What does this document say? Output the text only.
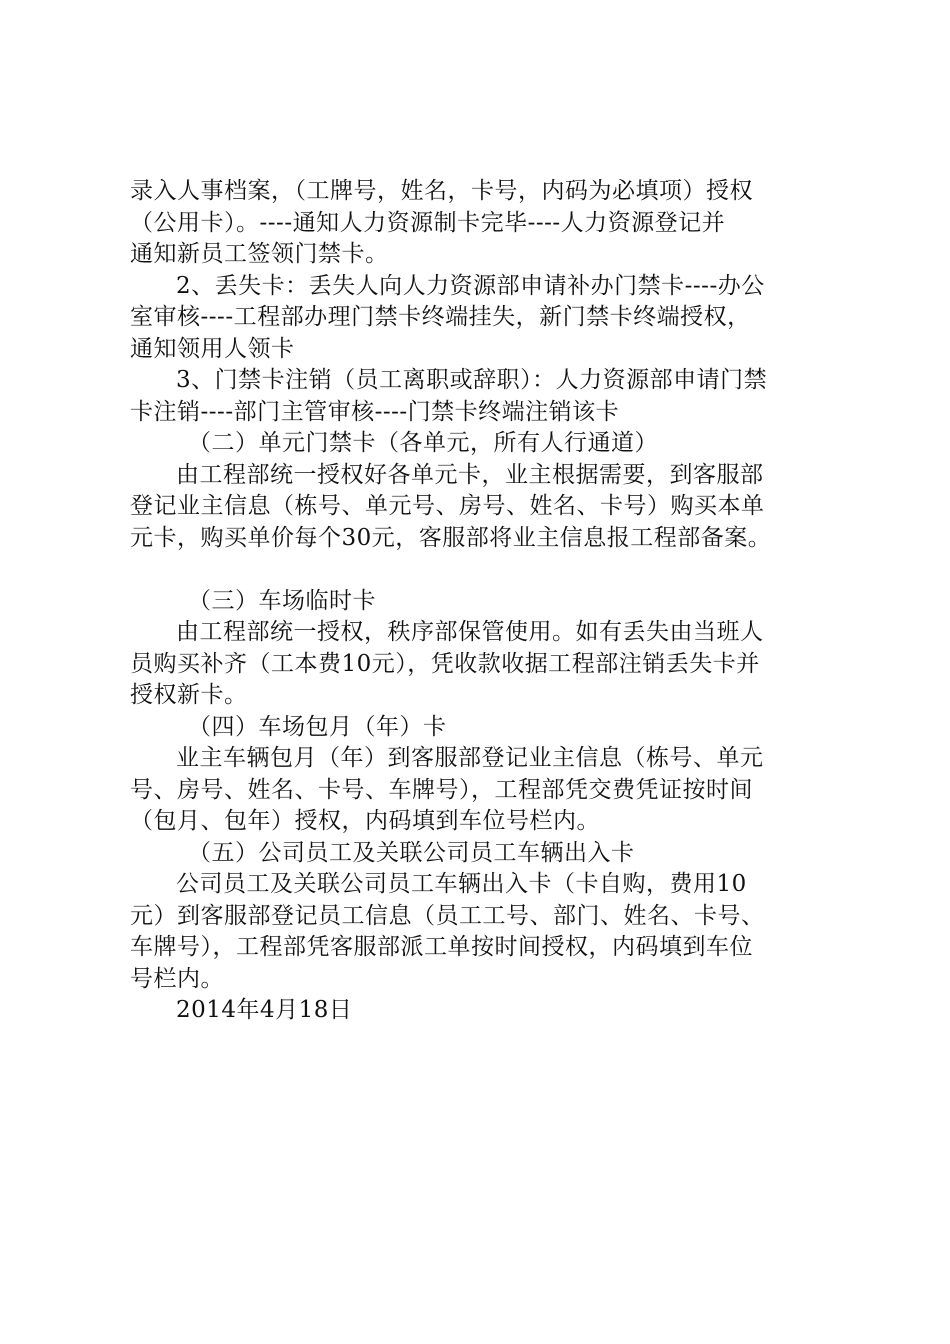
录入人事档案，（工牌号，姓名，卡号，内码为必填项）授权
（公用卡）。----通知人力资源制卡完毕----人力资源登记并
通知新员工签领门禁卡。
2、丢失卡：丢失人向人力资源部申请补办门禁卡----办公
室审核----工程部办理门禁卡终端挂失，新门禁卡终端授权，
通知领用人领卡
3、门禁卡注销（员工离职或辞职）：人力资源部申请门禁
卡注销----部门主管审核----门禁卡终端注销该卡
（二）单元门禁卡（各单元，所有人行通道）
由工程部统一授权好各单元卡，业主根据需要，到客服部
登记业主信息（栋号、单元号、房号、姓名、卡号）购买本单
元卡，购买单价每个30元，客服部将业主信息报工程部备案。
（三）车场临时卡
由工程部统一授权，秩序部保管使用。如有丢失由当班人
员购买补齐（工本费10元），凭收款收据工程部注销丢失卡并
授权新卡。
（四）车场包月（年）卡
业主车辆包月（年）到客服部登记业主信息（栋号、单元
号、房号、姓名、卡号、车牌号），工程部凭交费凭证按时间
（包月、包年）授权，内码填到车位号栏内。
（五）公司员工及关联公司员工车辆出入卡
公司员工及关联公司员工车辆出入卡（卡自购，费用10
元）到客服部登记员工信息（员工工号、部门、姓名、卡号、
车牌号），工程部凭客服部派工单按时间授权，内码填到车位
号栏内。
2014年4月18日
